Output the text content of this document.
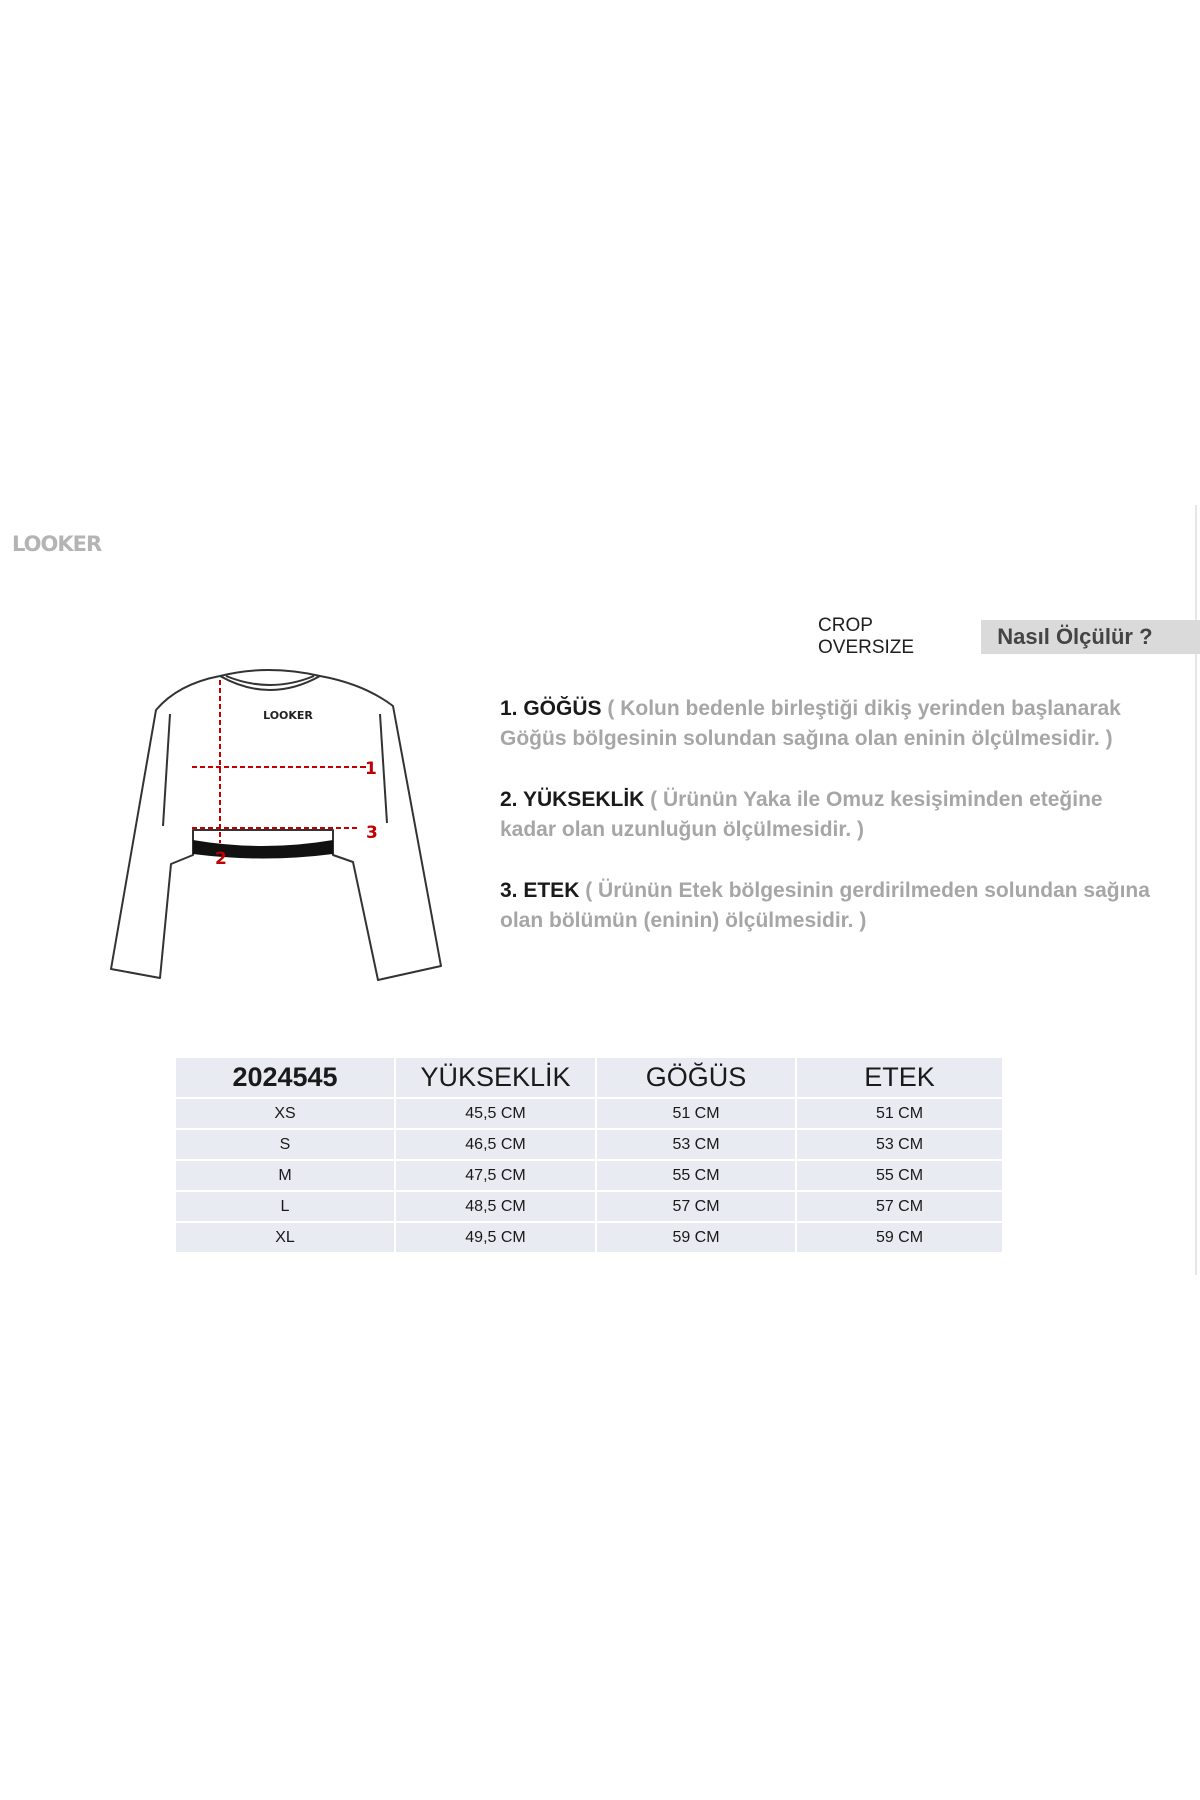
LOOKER
CROP OVERSIZE	Nasıl Ölçülür ?
LOOKER
1
2
3

1. GÖĞÜS ( Kolun bedenle birleştiği dikiş yerinden başlanarak Göğüs bölgesinin solundan sağına olan eninin ölçülmesidir. )

2. YÜKSEKLİK ( Ürünün Yaka ile Omuz kesişiminden eteğine kadar olan uzunluğun ölçülmesidir. )

3. ETEK ( Ürünün Etek bölgesinin gerdirilmeden solundan sağına olan bölümün (eninin) ölçülmesidir. )

2024545	YÜKSEKLİK	GÖĞÜS	ETEK
XS	45,5 CM	51 CM	51 CM
S	46,5 CM	53 CM	53 CM
M	47,5 CM	55 CM	55 CM
L	48,5 CM	57 CM	57 CM
XL	49,5 CM	59 CM	59 CM
